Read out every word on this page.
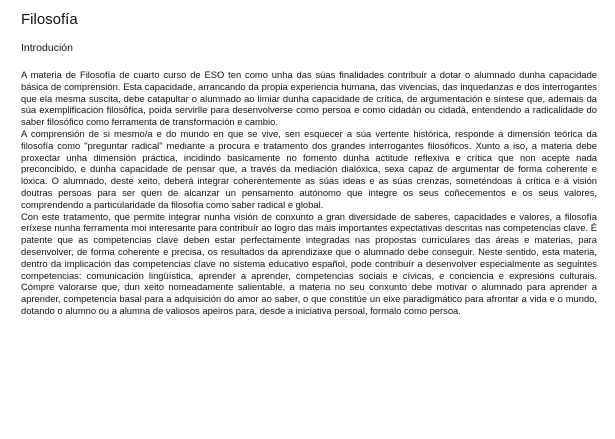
Filosofía
Introdución

A materia de Filosofía de cuarto curso de ESO ten como unha das súas finalidades contribuír a dotar o alumnado dunha capacidade básica de comprensión. Esta capacidade, arrancando da propia experiencia humana, das vivencias, das inquedanzas e dos interrogantes que ela mesma suscita, debe catapultar o alumnado ao limiar dunha capacidade de crítica, de argumentación e síntese que, ademais da súa exemplificación filosófica, poida servirlle para desenvolverse como persoa e como cidadán ou cidadá, entendendo a radicalidade do saber filosófico como ferramenta de transformación e cambio.

A comprensión de si mesmo/a e do mundo en que se vive, sen esquecer a súa vertente histórica, responde á dimensión teórica da filosofía como "preguntar radical" mediante a procura e tratamento dos grandes interrogantes filosóficos. Xunto a iso, a materia debe proxectar unha dimensión práctica, incidindo basicamente no fomento dunha actitude reflexiva e crítica que non acepte nada preconcibido, e dunha capacidade de pensar que, a través da mediación dialóxica, sexa capaz de argumentar de forma coherente e lóxica. O alumnado, deste xeito, deberá integrar coherentemente as súas ideas e as súas crenzas, someténdoas á crítica e á visión doutras persoas para ser quen de alcanzar un pensamento autónomo que integre os seus coñecementos e os seus valores, comprendendo a particularidade da filosofía como saber radical e global.

Con este tratamento, que permite integrar nunha visión de conxunto a gran diversidade de saberes, capacidades e valores, a filosofía eríxese nunha ferramenta moi interesante para contribuír ao logro das máis importantes expectativas descritas nas competencias clave. É patente que as competencias clave deben estar perfectamente integradas nas propostas curriculares das áreas e materias, para desenvolver, de forma coherente e precisa, os resultados da aprendizaxe que o alumnado debe conseguir. Neste sentido, esta materia, dentro da implicación das competencias clave no sistema educativo español, pode contribuír a desenvolver especialmente as seguintes competencias: comunicación lingüística, aprender a aprender, competencias sociais e cívicas, e conciencia e expresións culturais. Cómpre valorarse que, dun xeito nomeadamente salientable, a materia no seu conxunto debe motivar o alumnado para aprender a aprender, competencia basal para a adquisición do amor ao saber, o que constitúe un eixe paradigmático para afrontar a vida e o mundo, dotando o alumno ou a alumna de valiosos apeiros para, desde a iniciativa persoal, formalo como persoa.
